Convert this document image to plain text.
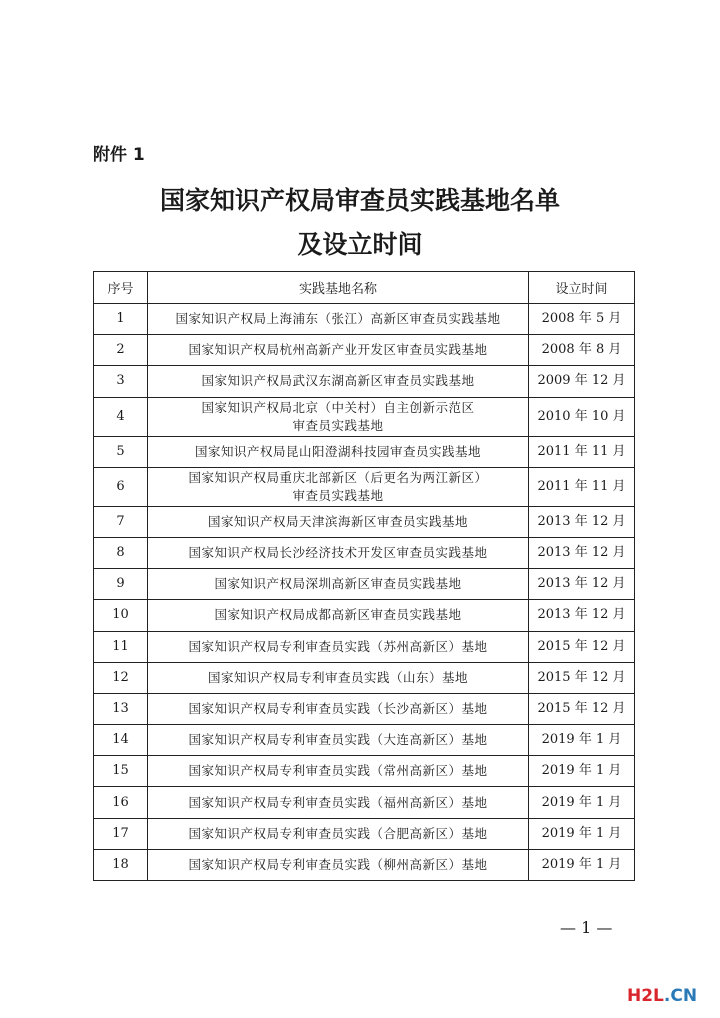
附件 1
国家知识产权局审查员实践基地名单
及设立时间
序号	实践基地名称	设立时间
1	国家知识产权局上海浦东（张江）高新区审查员实践基地	2008 年 5 月
2	国家知识产权局杭州高新产业开发区审查员实践基地	2008 年 8 月
3	国家知识产权局武汉东湖高新区审查员实践基地	2009 年 12 月
4	国家知识产权局北京（中关村）自主创新示范区
审查员实践基地	2010 年 10 月
5	国家知识产权局昆山阳澄湖科技园审查员实践基地	2011 年 11 月
6	国家知识产权局重庆北部新区（后更名为两江新区）
审查员实践基地	2011 年 11 月
7	国家知识产权局天津滨海新区审查员实践基地	2013 年 12 月
8	国家知识产权局长沙经济技术开发区审查员实践基地	2013 年 12 月
9	国家知识产权局深圳高新区审查员实践基地	2013 年 12 月
10	国家知识产权局成都高新区审查员实践基地	2013 年 12 月
11	国家知识产权局专利审查员实践（苏州高新区）基地	2015 年 12 月
12	国家知识产权局专利审查员实践（山东）基地	2015 年 12 月
13	国家知识产权局专利审查员实践（长沙高新区）基地	2015 年 12 月
14	国家知识产权局专利审查员实践（大连高新区）基地	2019 年 1 月
15	国家知识产权局专利审查员实践（常州高新区）基地	2019 年 1 月
16	国家知识产权局专利审查员实践（福州高新区）基地	2019 年 1 月
17	国家知识产权局专利审查员实践（合肥高新区）基地	2019 年 1 月
18	国家知识产权局专利审查员实践（柳州高新区）基地	2019 年 1 月
— 1 —
H2L.CN
